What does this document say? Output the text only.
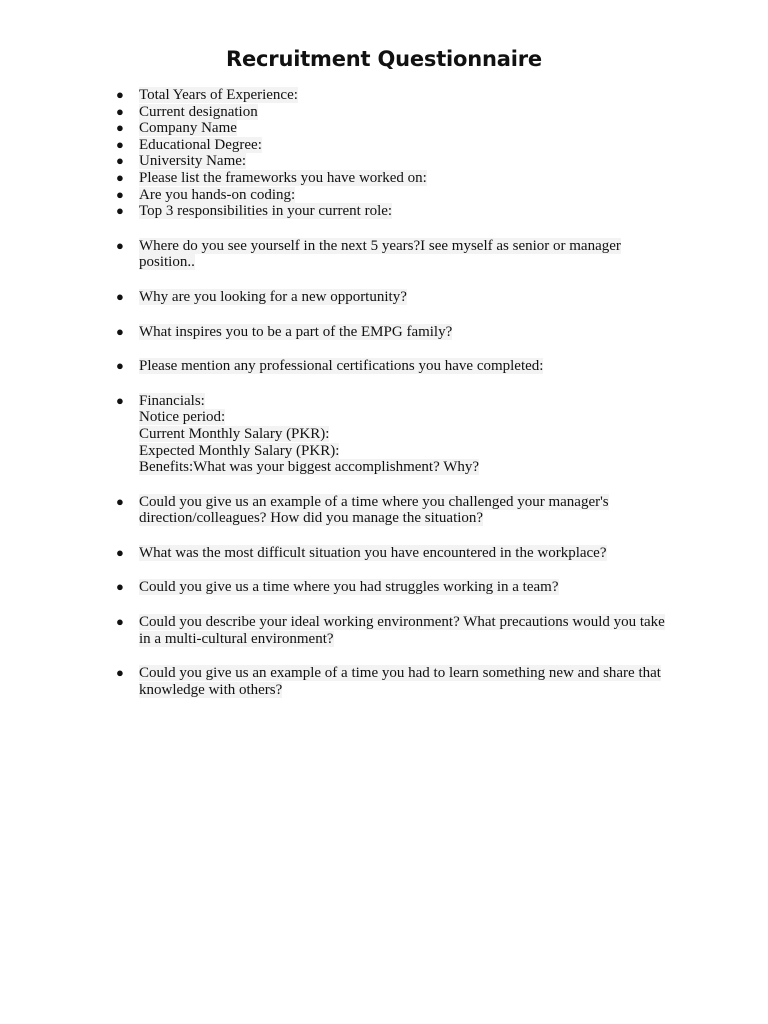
Recruitment Questionnaire
● Total Years of Experience:
● Current designation
● Company Name
● Educational Degree:
● University Name:
● Please list the frameworks you have worked on:
● Are you hands-on coding:
● Top 3 responsibilities in your current role:
● Where do you see yourself in the next 5 years?I see myself as senior or manager position..
● Why are you looking for a new opportunity?
● What inspires you to be a part of the EMPG family?
● Please mention any professional certifications you have completed:
● Financials:
Notice period:
Current Monthly Salary (PKR):
Expected Monthly Salary (PKR):
Benefits:What was your biggest accomplishment? Why?
● Could you give us an example of a time where you challenged your manager's direction/colleagues? How did you manage the situation?
● What was the most difficult situation you have encountered in the workplace?
● Could you give us a time where you had struggles working in a team?
● Could you describe your ideal working environment? What precautions would you take in a multi-cultural environment?
● Could you give us an example of a time you had to learn something new and share that knowledge with others?
